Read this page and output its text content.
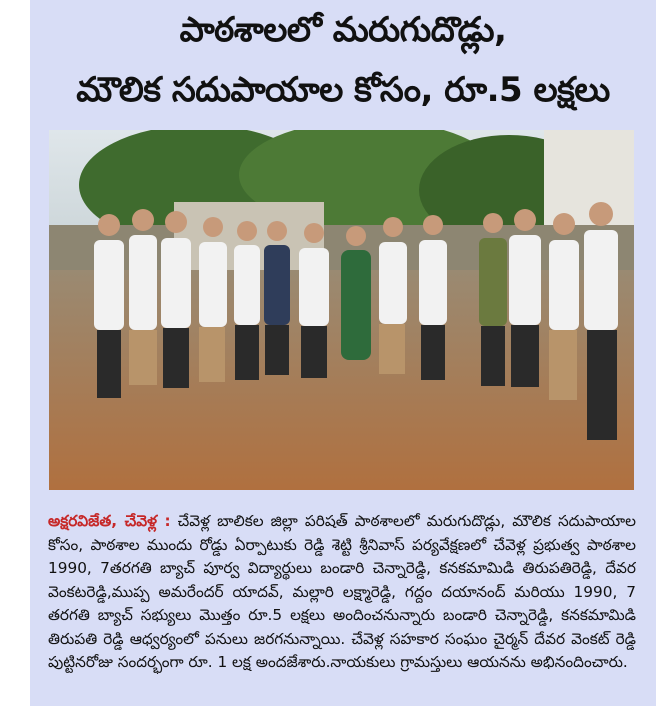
పాఠశాలలో మరుగుదొడ్లు,
మౌలిక సదుపాయాల కోసం, రూ.5 లక్షలు
అక్షరవిజేత, చేవెళ్ల : చేవెళ్ల బాలికల జిల్లా పరిషత్ పాఠశాలలో మరుగుదొడ్లు, మౌలిక సదుపాయాల కోసం, పాఠశాల ముందు రోడ్డు ఏర్పాటుకు రెడ్డి శెట్టి శ్రీనివాస్ పర్యవేక్షణలో చేవెళ్ల ప్రభుత్వ పాఠశాల 1990, 7తరగతి బ్యాచ్ పూర్వ విద్యార్థులు బండారి చెన్నారెడ్డి, కనకమామిడి తిరుపతిరెడ్డి, దేవర వెంకటరెడ్డి,ముప్ప అమరేందర్ యాదవ్, మల్లారి లక్ష్మారెడ్డి, గద్దం దయానంద్ మరియు 1990, 7 తరగతి బ్యాచ్ సభ్యులు మొత్తం రూ.5 లక్షలు అందించనున్నారు బండారి చెన్నారెడ్డి, కనకమామిడి తిరుపతి రెడ్డి ఆధ్వర్యంలో పనులు జరగనున్నాయి. చేవెళ్ల సహకార సంఘం చైర్మన్ దేవర వెంకట్ రెడ్డి పుట్టినరోజు సందర్భంగా రూ. 1 లక్ష అందజేశారు.నాయకులు గ్రామస్తులు ఆయనను అభినందించారు.
